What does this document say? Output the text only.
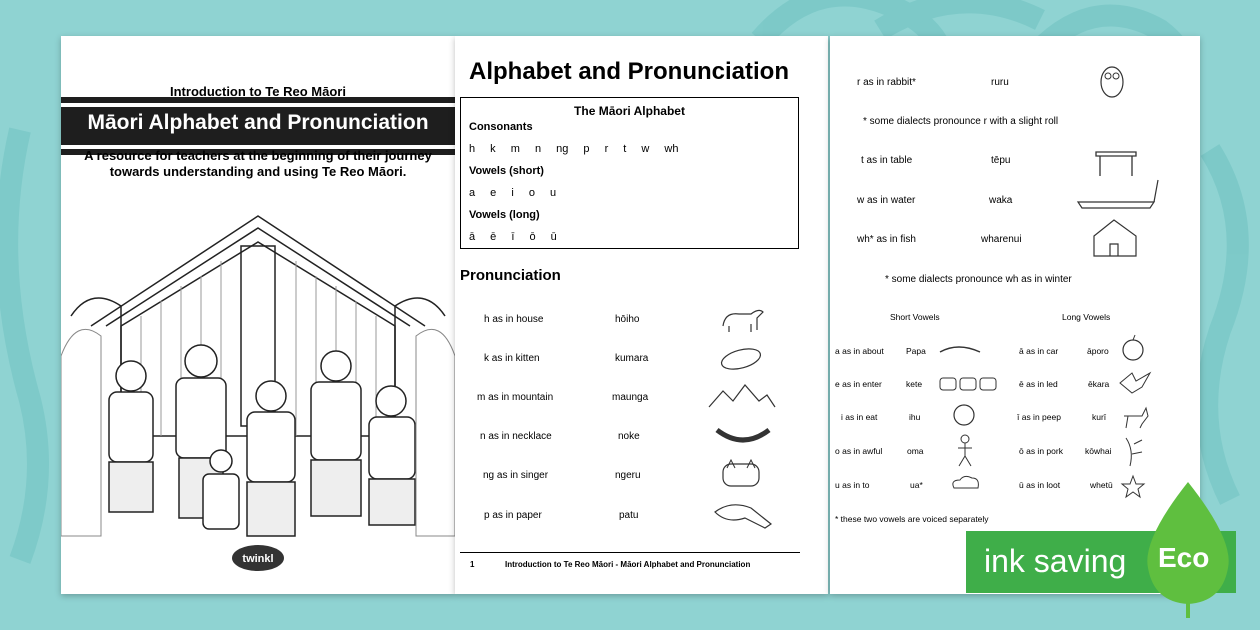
Introduction to Te Reo Māori
Māori Alphabet and Pronunciation
A resource for teachers at the beginning of their journey towards understanding and using Te Reo Māori.
twinkl
Alphabet and Pronunciation
The Māori Alphabet
Consonants
h k m n ng p r t w wh
Vowels (short)
a e i o u
Vowels (long)
ā ē ī ō ū
Pronunciation
h as in house	hōiho
k as in kitten	kumara
m as in mountain	maunga
n as in necklace	noke
ng as in singer	ngeru
p as in paper	patu
1	Introduction to Te Reo Māori - Māori Alphabet and Pronunciation
r as in rabbit*	ruru
* some dialects pronounce r with a slight roll
t as in table	tēpu
w as in water	waka
wh* as in fish	wharenui
* some dialects pronounce wh as in winter
Short Vowels	Long Vowels
a as in about	Papa
e as in enter	kete
i as in eat	ihu
o as in awful	oma
u as in to	ua*
ā as in car	āporo
ē as in led	ēkara
ī as in peep	kurī
ō as in pork	kōwhai
ū as in loot	whetū
* these two vowels are voiced separately
ink saving Eco
